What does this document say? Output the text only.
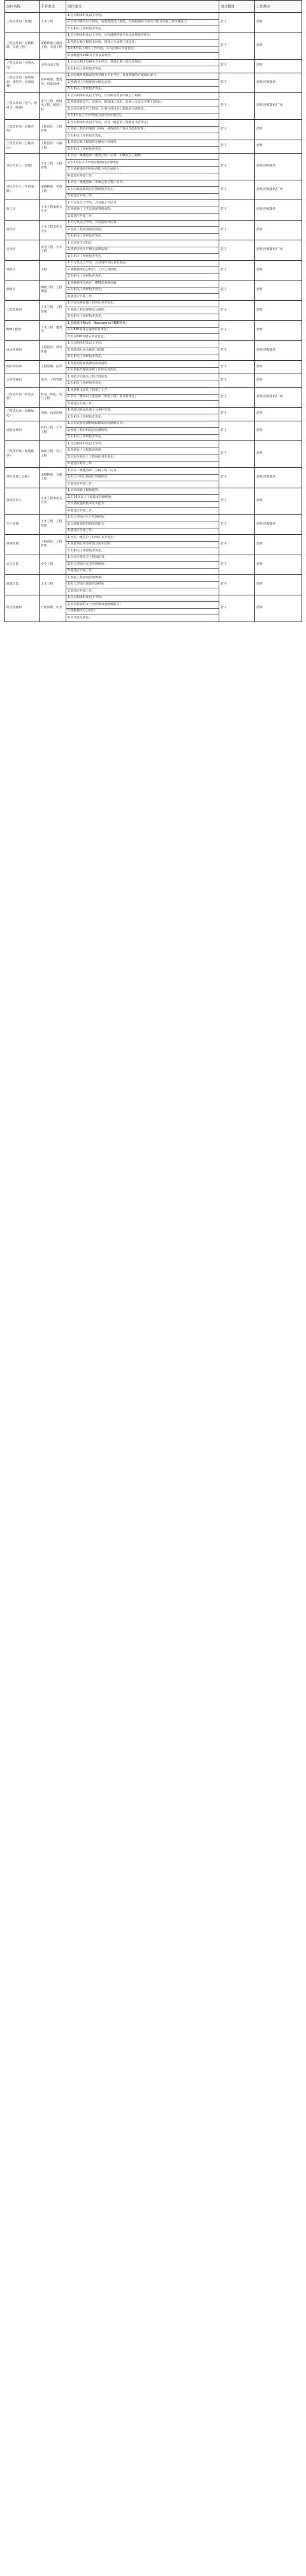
岗位名称	专业要求	岗位要求	需求数量	工作地点
工程设计岗（住建）	土木工程	1.全日制本科及以上学历；
2.具有中级及以上职称，熟悉建筑设计规范，具备较强的专业设计能力和施工图审核能力；
3.有相关工作经验者优先。	若干	昆明
工程设计岗（道路桥梁、交通工程）	道路桥梁与渡河工程、交通工程	1.全日制本科及以上学历，具有道路桥梁专业设计资质者优先；
2.熟悉公路工程技术标准，能独立完成施工图设计；
3.有5年以上相关工作经验，具有注册证书者优先；
4.熟练使用CAD等专业设计软件。	若干	昆明
工程设计岗（水利水电）	水利水电工程	1.具有水利水电相关专业背景，熟悉水利工程设计规范；
2.有相关工作经验者优先。	若干	昆明
工程设计岗（城乡规划、建筑学、风景园林）	城乡规划、建筑学、风景园林	1.具有城乡规划或建筑学相关专业学历，具备较强的方案设计能力；
2.熟悉国土空间规划及相关法规；
3.有相关工作经验者优先。	若干	昆明/西双版纳
工程设计岗（电气、给排水、暖通）	电气工程、给排水工程、暖通工程	1.全日制本科及以上学历，具有相关专业中级以上职称；
2.熟悉建筑电气、给排水、暖通设计规范，能独立完成专业施工图设计；
3.具有注册电气工程师、注册公用设备工程师证书者优先；
4.有5年以上大中型项目设计经验者优先。	若干	昆明/西双版纳/广州
工程造价岗（房建市政）	工程造价、工程管理	1.全日制本科及以上学历，具有一级造价工程师证书者优先；
2.熟悉工程造价编制与审核，熟练使用广联达等造价软件；
3.有相关工作经验者优先。	若干	昆明
工程造价岗（公路水运）	工程造价、交通工程	1.熟悉公路工程预算定额及计价规范；
2.有相关工作经验者优先。	若干	昆明
项目负责人（房建）	土木工程、工程管理	1.具有一级建造师（建筑工程）证书，中级及以上职称；
2.有5年以上大中型房建项目管理经验；
3.具备较强的组织协调能力和沟通能力；
4.能适应外派工作。	若干	昆明/西双版纳
项目负责人（市政道路）	道路桥梁、市政工程	1.具有一级建造师（市政公用工程）证书；
2.有市政道路项目管理经验者优先；
3.能适应外派工作。	若干	昆明/西双版纳/广州
施工员	土木工程类相关专业	1.大专及以上学历，具有施工员证书；
2.熟悉施工工艺及现场管理流程；
3.能适应外派工作。	若干	昆明/西双版纳
质检员	土木工程类相关专业	1.大专及以上学历，具有质检员证书；
2.熟悉工程质量验收规范；
3.有相关工作经验者优先。	若干	昆明
安全员	安全工程、土木工程	1.具有安全员C证；
2.熟悉安全生产相关法律法规；
3.有相关工作经验者优先。	若干	昆明/西双版纳/广州
资料员	不限	1.大专及以上学历，具有资料员证书者优先；
2.熟练使用办公软件，工作认真细致；
3.有相关工作经验者优先。	若干	昆明
测量员	测绘工程、工程测量	1.熟练使用全站仪、GPS等测量仪器；
2.有相关工作经验者优先；
3.能适应外派工作。	若干	昆明
工程监理岗	土木工程、工程管理	1.具有注册监理工程师证书者优先；
2.熟悉工程监理规范及流程；
3.有相关工作经验者优先。	若干	昆明
BIM工程师	土木工程、建筑学	1.熟练使用Revit、Navisworks等BIM软件；
2.有BIM项目实施经验者优先；
3.具有BIM等级证书者优先。	若干	昆明
成本管理岗	工程造价、财务管理	1.全日制本科及以上学历；
2.熟悉项目成本核算与控制；
3.有相关工作经验者优先。	若干	昆明/西双版纳
招标采购岗	工程管理、法学	1.熟悉招投标法律法规及流程；
2.有招标代理或采购工作经验者优先。	若干	昆明
合同管理岗	法学、工程管理	1.熟悉合同法及工程合同管理；
2.有相关工作经验者优先。	若干	昆明
工程技术岗（机电安装）	机电一体化、电气工程	1.熟悉机电安装工程施工工艺；
2.具有二级及以上建造师（机电工程）证书者优先；
3.能适应外派工作。	若干	昆明/西双版纳/广州
工程技术岗（园林绿化）	园林、风景园林	1.熟悉园林绿化施工及养护管理；
2.有相关工作经验者优先。	若干	昆明
试验检测岗	材料工程、土木工程	1.具有试验检测师或助理试验检测师证书；
2.熟悉工程材料试验检测规程；
3.有相关工作经验者优先。	若干	昆明
工程技术岗（地质勘察）	地质工程、岩土工程	1.全日制本科及以上学历；
2.熟悉岩土工程勘察规范；
3.具有注册岩土工程师证书者优先；
4.能适应野外工作。	若干	昆明
项目经理（公路）	道路桥梁、交通工程	1.具有一级建造师（公路工程）证书；
2.有大中型公路项目管理经验；
3.能适应外派工作。	若干	昆明/西双版纳
技术负责人	土木工程类相关专业	1.具有高级工程师职称；
2.有10年以上工程技术管理经验；
3.具备较强的技术攻关能力；
4.能适应外派工作。	若干	昆明
生产经理	土木工程、工程管理	1.有大型项目生产管理经验；
2.具备较强的组织协调能力；
3.能适应外派工作。	若干	昆明/西双版纳
商务经理	工程造价、工程管理	1.具有一级造价工程师证书者优先；
2.熟悉项目商务管理及成本控制；
3.有相关工作经验者优先。	若干	昆明
安全总监	安全工程	1.具有注册安全工程师证书；
2.有大型项目安全管理经验；
3.能适应外派工作。	若干	昆明
质量总监	土木工程	1.熟悉工程质量管理体系；
2.有大型项目质量管理经验；
3.能适应外派工作。	若干	昆明
综合管理岗	行政管理、中文	1.全日制本科及以上学历；
2.具有较强的文字功底和沟通协调能力；
3.熟练使用办公软件；
4.中共党员优先。	若干	昆明
